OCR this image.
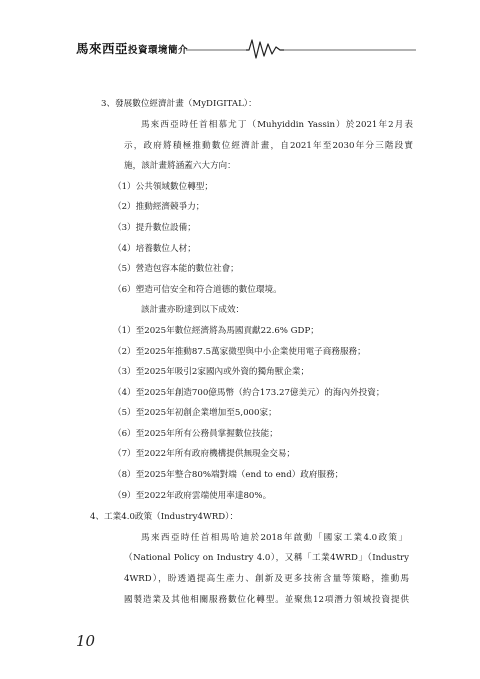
馬來西亞投資環境簡介
3、發展數位經濟計畫（MyDIGITAL）：
馬來西亞時任首相慕尤丁（Muhyiddin Yassin）於2021年2月表
示，政府將積極推動數位經濟計畫，自2021年至2030年分三階段實
施，該計畫將涵蓋六大方向：
（1）公共領域數位轉型；
（2）推動經濟競爭力；
（3）提升數位設備；
（4）培養數位人材；
（5）營造包容本能的數位社會；
（6）塑造可信安全和符合道德的數位環境。
該計畫亦盼達到以下成效：
（1）至2025年數位經濟將為馬國貢獻22.6% GDP；
（2）至2025年推動87.5萬家微型與中小企業使用電子商務服務；
（3）至2025年吸引2家國內或外資的獨角獸企業；
（4）至2025年創造700億馬幣（約合173.27億美元）的海內外投資；
（5）至2025年初創企業增加至5,000家；
（6）至2025年所有公務員掌握數位技能；
（7）至2022年所有政府機構提供無現金交易；
（8）至2025年整合80%端對端（end to end）政府服務；
（9）至2022年政府雲端使用率達80%。
4、工業4.0政策（Industry4WRD）：
馬來西亞時任首相馬哈迪於2018年啟動「國家工業4.0政策」
（National Policy on Industry 4.0），又稱「工業4WRD」（Industry
4WRD），盼透過提高生產力、創新及更多技術含量等策略，推動馬
國製造業及其他相關服務數位化轉型。並聚焦12項潛力領域投資提供
10
